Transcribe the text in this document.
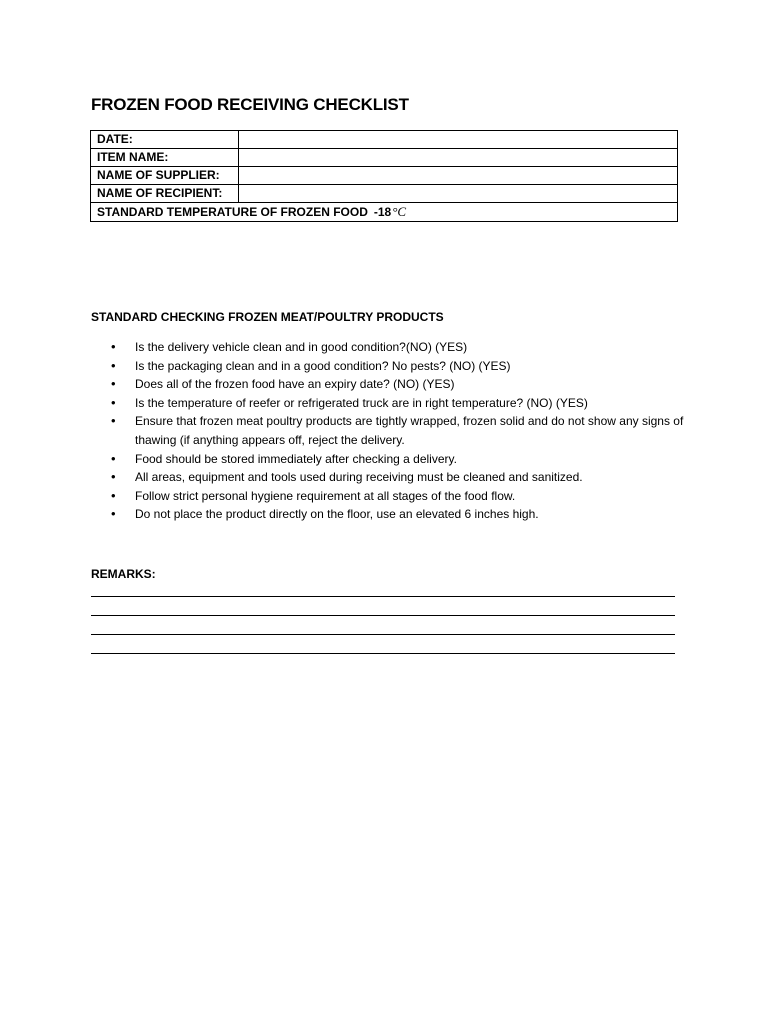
FROZEN FOOD RECEIVING CHECKLIST
DATE:	
ITEM NAME:	
NAME OF SUPPLIER:	
NAME OF RECIPIENT:	
STANDARD TEMPERATURE OF FROZEN FOOD -18°C	
STANDARD CHECKING FROZEN MEAT/POULTRY PRODUCTS
• Is the delivery vehicle clean and in good condition?(NO) (YES)
• Is the packaging clean and in a good condition? No pests? (NO) (YES)
• Does all of the frozen food have an expiry date? (NO) (YES)
• Is the temperature of reefer or refrigerated truck are in right temperature? (NO) (YES)
• Ensure that frozen meat poultry products are tightly wrapped, frozen solid and do not show any signs of thawing (if anything appears off, reject the delivery.
• Food should be stored immediately after checking a delivery.
• All areas, equipment and tools used during receiving must be cleaned and sanitized.
• Follow strict personal hygiene requirement at all stages of the food flow.
• Do not place the product directly on the floor, use an elevated 6 inches high.
REMARKS:
